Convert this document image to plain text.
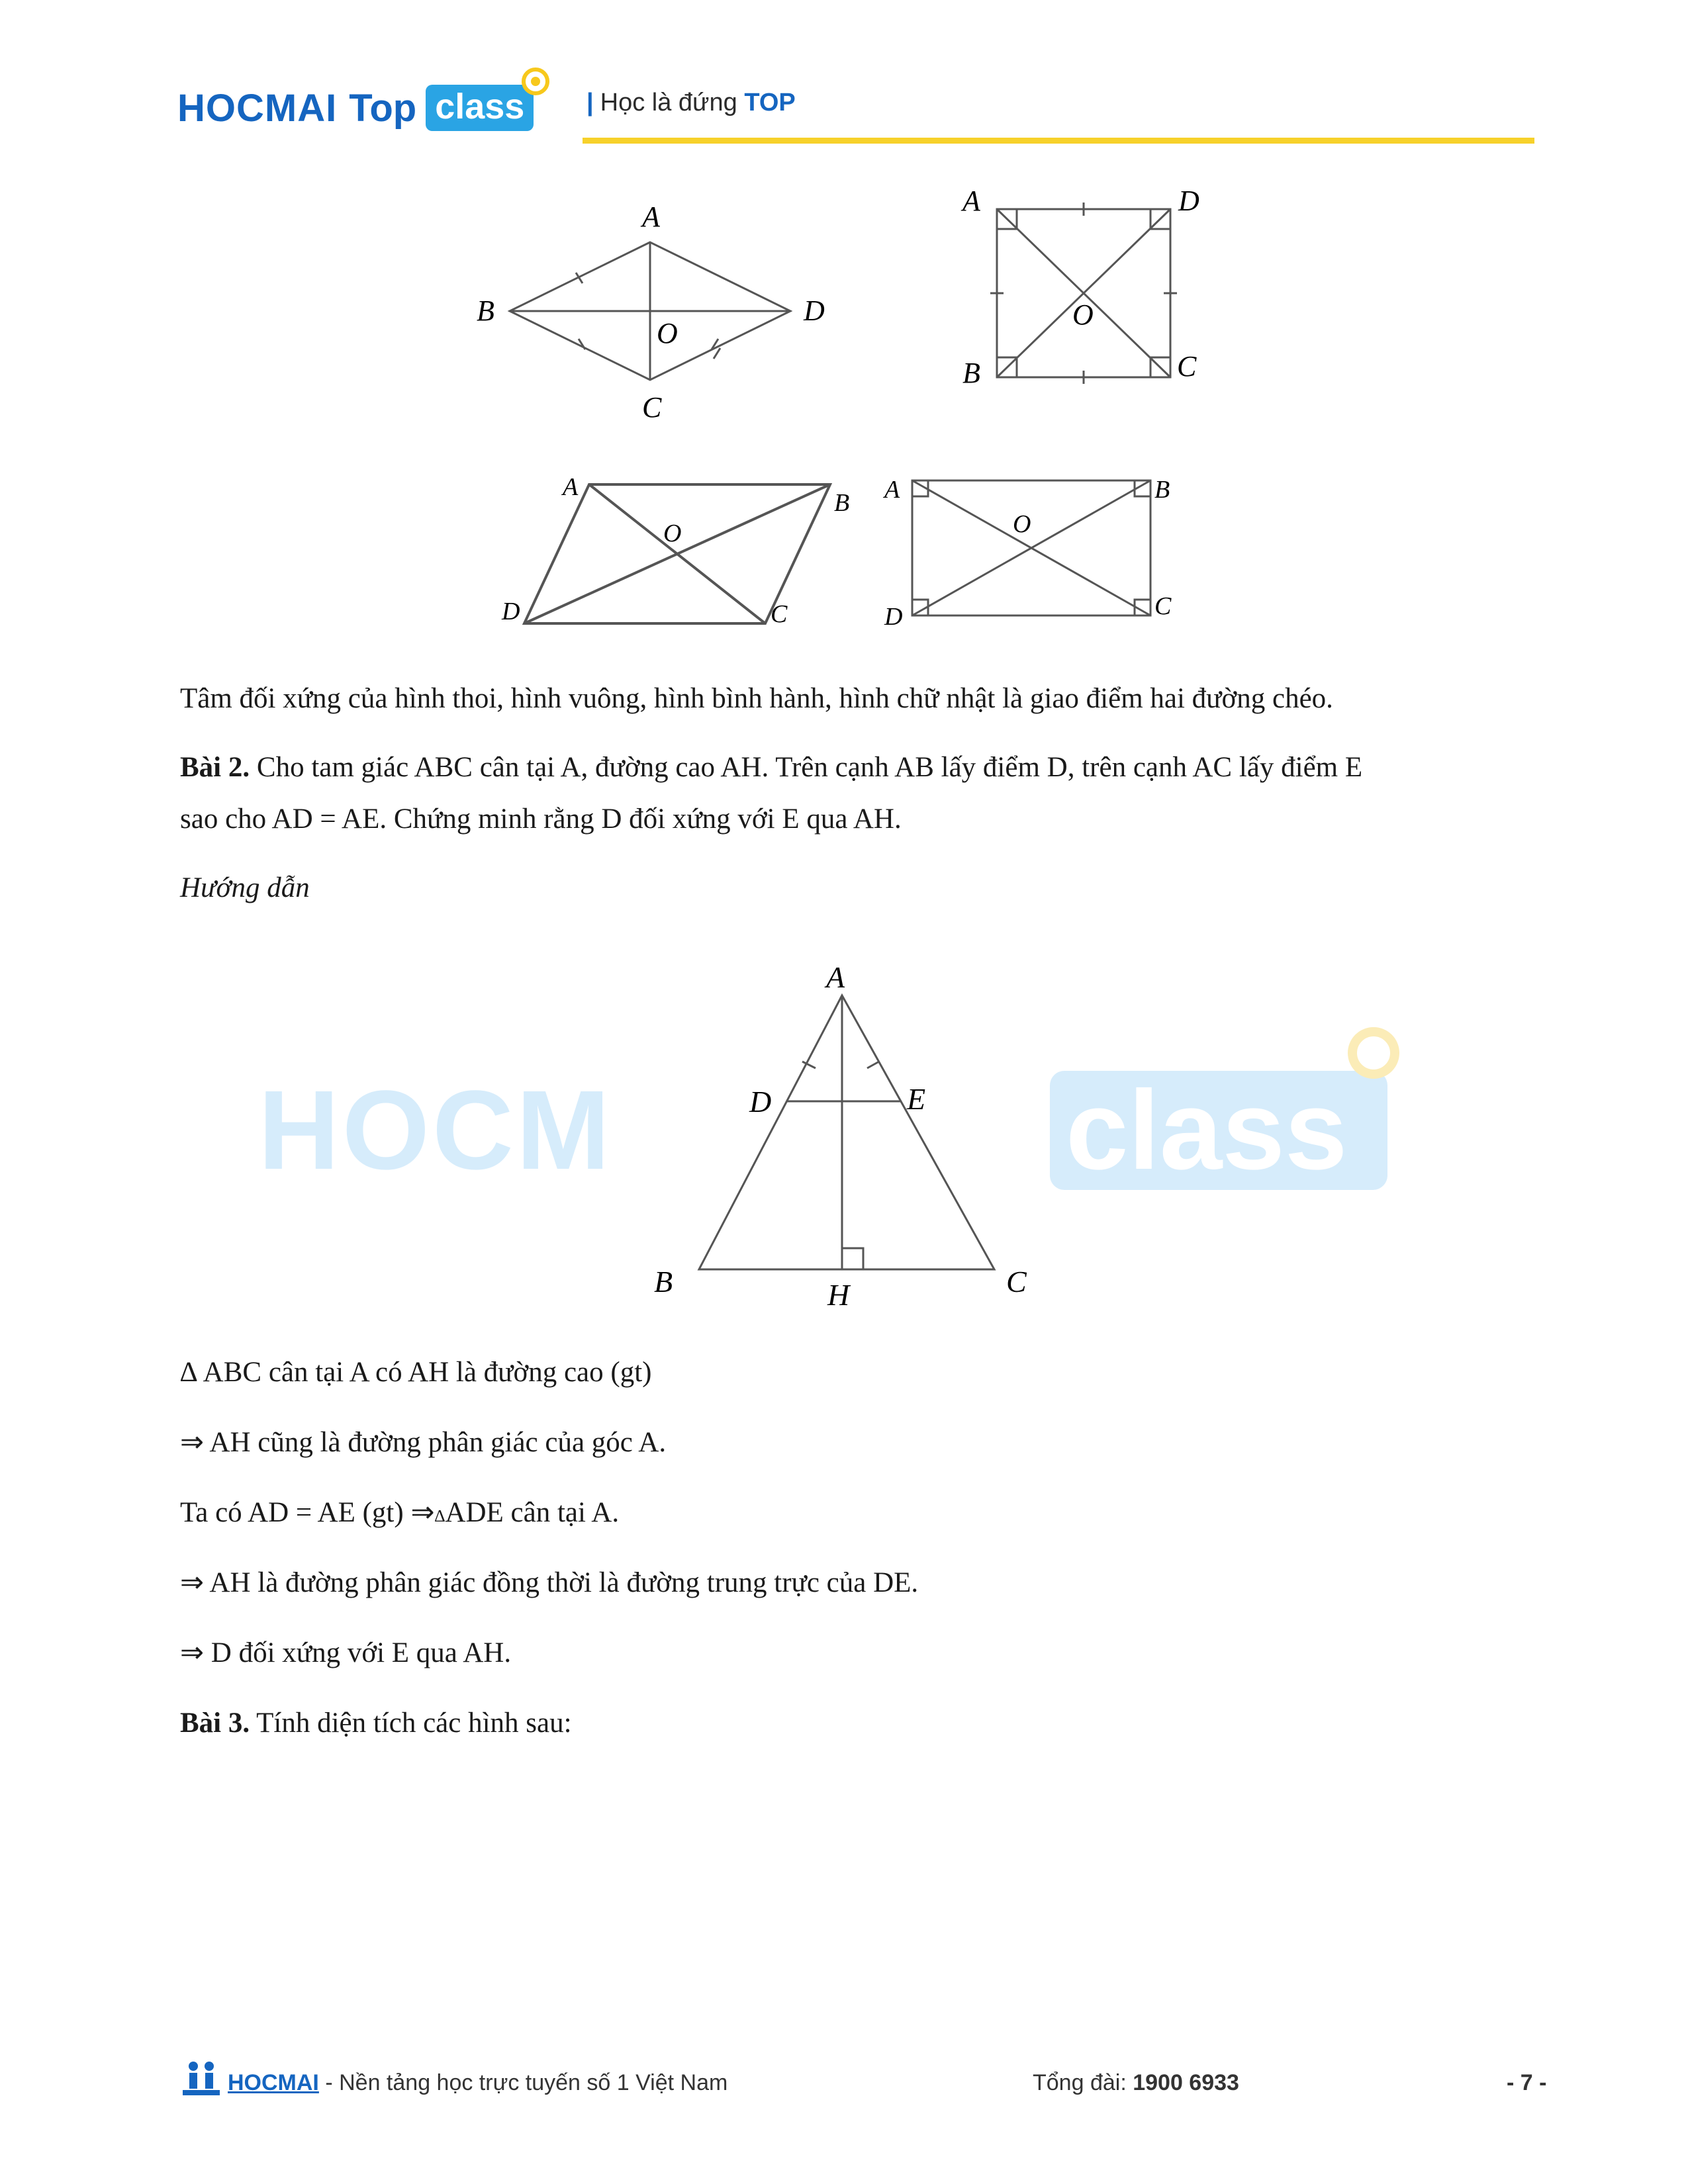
HOCMAI Top class	| Học là đứng TOP
A
B
C
D
O
A	D
B	C
O
A
B
C
D
O
A	B
C
D
O
Tâm đối xứng của hình thoi, hình vuông, hình bình hành, hình chữ nhật là giao điểm hai đường chéo.
Bài 2. Cho tam giác ABC cân tại A, đường cao AH. Trên cạnh AB lấy điểm D, trên cạnh AC lấy điểm E
sao cho AD = AE. Chứng minh rằng D đối xứng với E qua AH.
Hướng dẫn
HOCM	class
A
D	E
B	H	C
∆ ABC cân tại A có AH là đường cao (gt)
⇒ AH cũng là đường phân giác của góc A.
Ta có AD = AE (gt) ⇒∆ADE cân tại A.
⇒ AH là đường phân giác đồng thời là đường trung trực của DE.
⇒ D đối xứng với E qua AH.
Bài 3. Tính diện tích các hình sau:
HOCMAI - Nền tảng học trực tuyến số 1 Việt Nam	Tổng đài: 1900 6933	- 7 -
